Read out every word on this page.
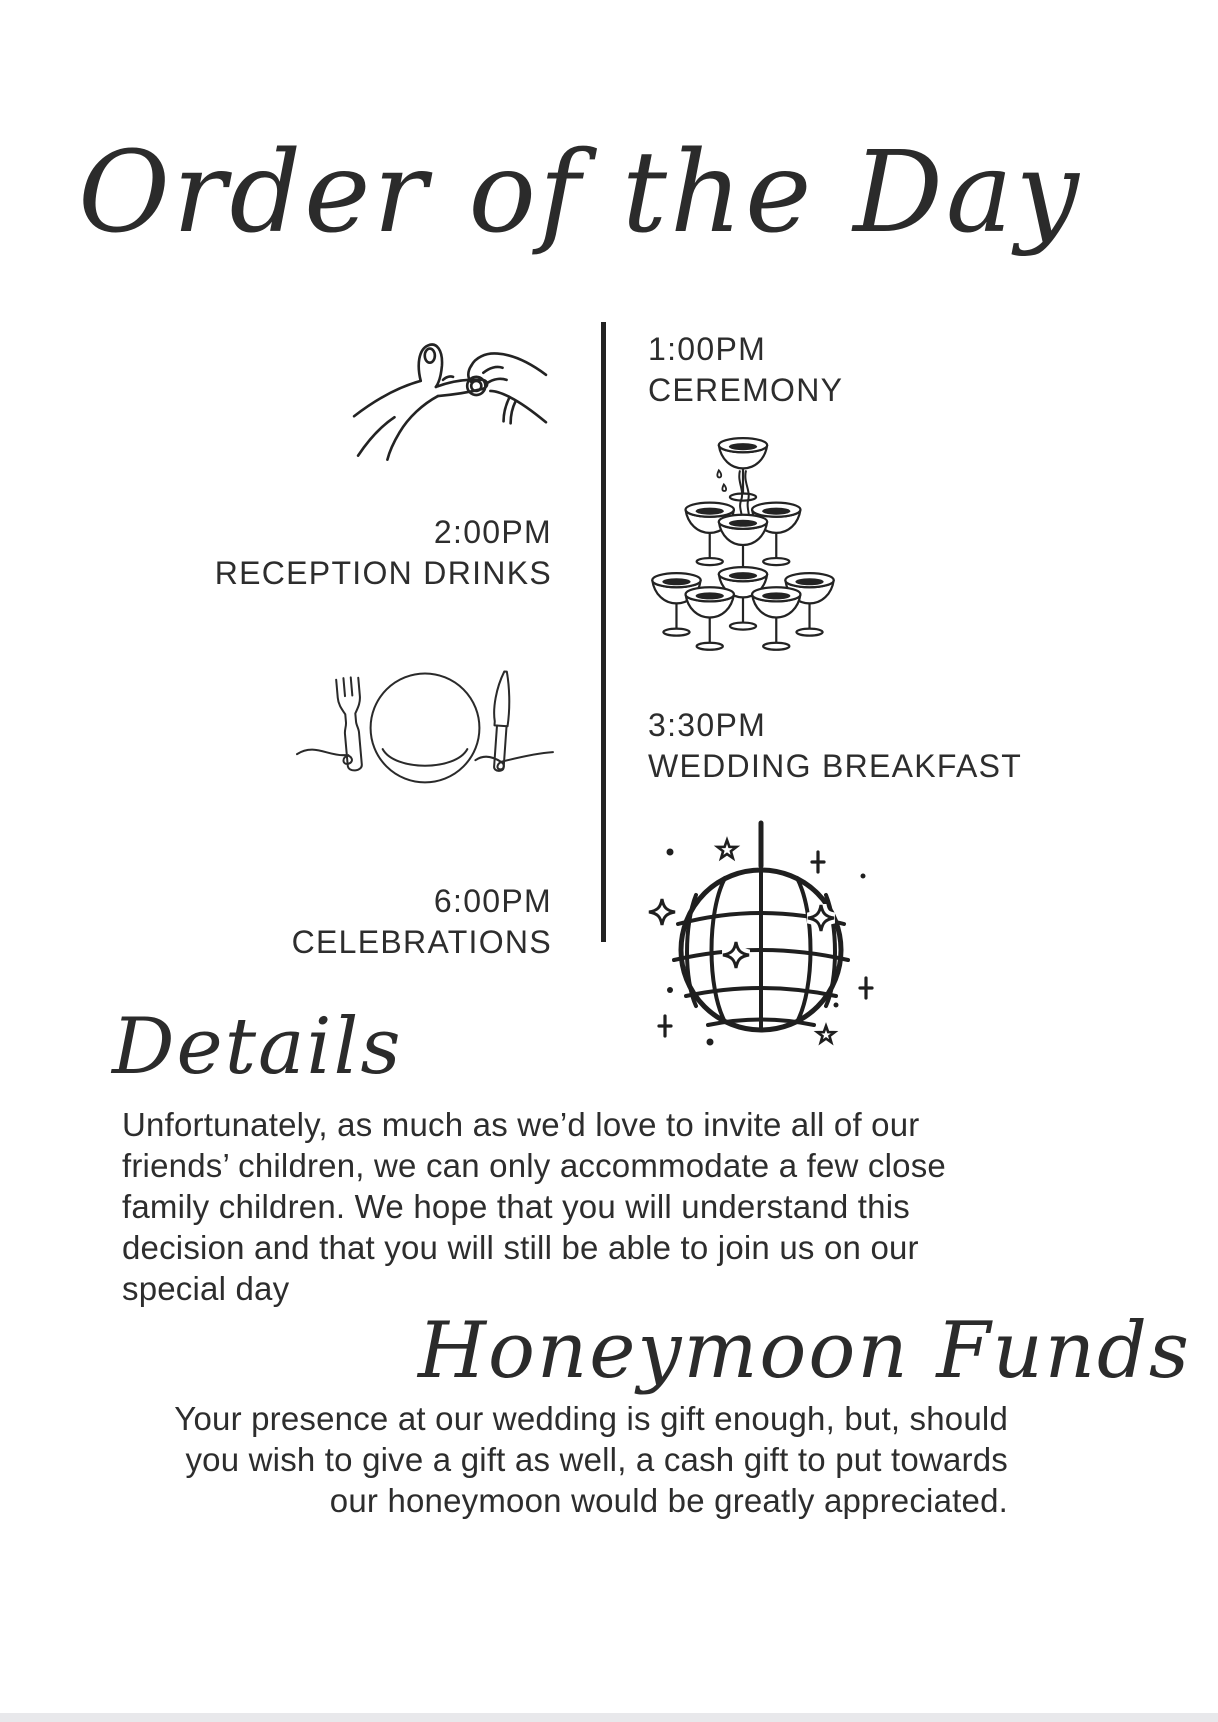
Order of the Day
1:00PM
CEREMONY
2:00PM
RECEPTION DRINKS
3:30PM
WEDDING BREAKFAST
6:00PM
CELEBRATIONS
Details
Unfortunately, as much as we’d love to invite all of our
friends’ children, we can only accommodate a few close
family children. We hope that you will understand this
decision and that you will still be able to join us on our
special day
Honeymoon Funds
Your presence at our wedding is gift enough, but, should
you wish to give a gift as well, a cash gift to put towards
our honeymoon would be greatly appreciated.
